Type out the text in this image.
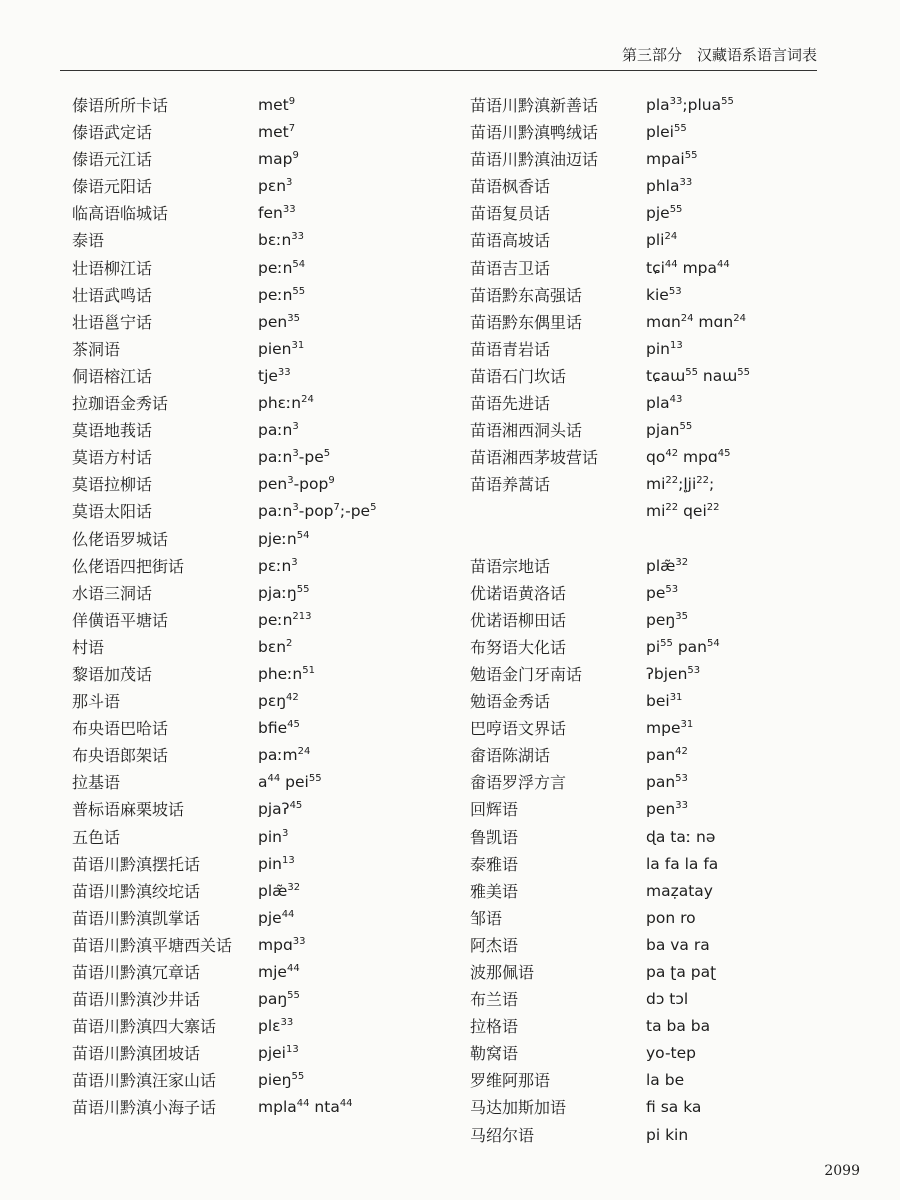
第三部分　汉藏语系语言词表
傣语所所卡话	met$^9$
傣语武定话	met$^7$
傣语元江话	map$^9$
傣语元阳话	pɛn$^3$
临高语临城话	fen$^{33}$
泰语	bɛːn$^{33}$
壮语柳江话	peːn$^{54}$
壮语武鸣话	peːn$^{55}$
壮语邕宁话	pen$^{35}$
茶洞语	pien$^{31}$
侗语榕江话	tje$^{33}$
拉珈语金秀话	phɛːn$^{24}$
莫语地莪话	paːn$^3$
莫语方村话	$paːn^3-pe^5$
莫语拉柳话	pen$^3$-pop$^9$
莫语太阳话	$paːn^3-pop^7;-pe^5$
仫佬语罗城话	pjeːn$^{54}$
仫佬语四把街话	pɛːn$^3$
水语三洞话	pjaːŋ$^{55}$
佯僙语平塘话	peːn$^{213}$
村语	bɛn$^2$
黎语加茂话	pheːn$^{51}$
那斗语	pɛŋ$^{42}$
布央语巴哈话	bfie$^{45}$
布央语郎架话	paːm$^{24}$
拉基语	$a^{44}$ pei$^{55}$
普标语麻栗坡话	pjaʔ$^{45}$
五色话	pin$^3$
苗语川黔滇摆托话	pin$^{13}$
苗语川黔滇绞坨话	plæ̃$^{32}$
苗语川黔滇凯掌话	pje$^{44}$
苗语川黔滇平塘西关话 mpɑ$^{33}$
苗语川黔滇冗章话	mje$^{44}$
苗语川黔滇沙井话	paŋ$^{55}$
苗语川黔滇四大寨话	plɛ$^{33}$
苗语川黔滇团坡话	pjei$^{13}$
苗语川黔滇汪家山话	pieŋ$^{55}$
苗语川黔滇小海子话	mpla$^{44}$ nta$^{44}$
苗语川黔滇新善话	pla$^{33}$;plua$^{55}$
苗语川黔滇鸭绒话	plei$^{55}$
苗语川黔滇油迈话	mpai$^{55}$
苗语枫香话	phla$^{33}$
苗语复员话	pje$^{55}$
苗语高坡话	pli$^{24}$
苗语吉卫话	tɕi$^{44}$ mpa$^{44}$
苗语黔东高强话	kie$^{53}$
苗语黔东偶里话	mɑn$^{24}$ mɑn$^{24}$
苗语青岩话	pin$^{13}$
苗语石门坎话	tɕaɯ$^{55}$ naɯ$^{55}$
苗语先进话	pla$^{43}$
苗语湘西洞头话	pjan$^{55}$
苗语湘西茅坡营话	$qo^{42}$ mpɑ$^{45}$
苗语养蒿话	$mi^{22};l̥ji^{22}$;
$mi^{22}$ qei$^{22}$
苗语宗地话	plæ̃$^{32}$
优诺语黄洛话	$pe^{53}$
优诺语柳田话	peŋ$^{35}$
布努语大化话	$pi^{55}$ pan$^{54}$
勉语金门牙南话	ʔbjen$^{53}$
勉语金秀话	bei$^{31}$
巴哼语文界话	mpe$^{31}$
畲语陈湖话	pan$^{42}$
畲语罗浮方言	pan$^{53}$
回辉语	pen$^{33}$
鲁凯语	ɖa taː nə
泰雅语	la fa la fa
雅美语	maẓatay
邹语	pon ro
阿杰语	ba va ra
波那佩语	pa ʈa paʈ
布兰语	dɔ tɔl
拉格语	ta ba ba
勒窝语	yo-tep
罗维阿那语	la be
马达加斯加语	fi sa ka
马绍尔语	pi kin
2099
